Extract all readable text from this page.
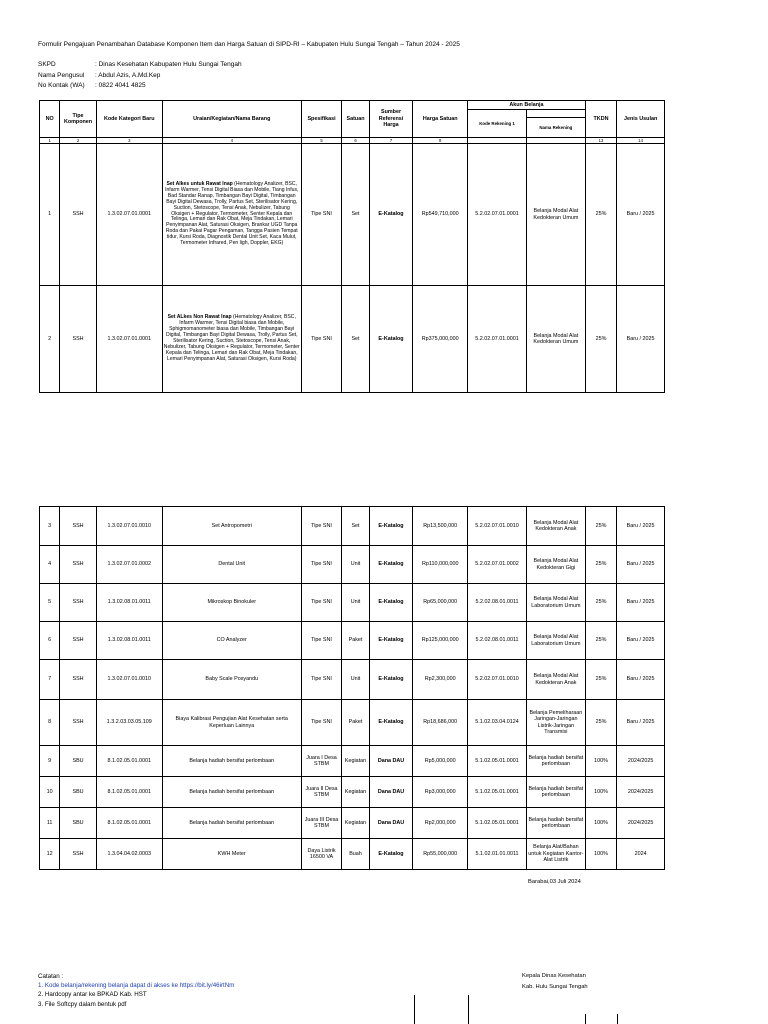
Formulir Pengajuan Penambahan Database Komponen Item dan Harga Satuan di SIPD-RI – Kabupaten Hulu Sungai Tengah – Tahun 2024 - 2025
SKPD	: Dinas Kesehatan Kabupaten Hulu Sungai Tengah
Nama Pengusul : Abdul Azis, A.Md.Kep
No Kontak (WA) : 0822 4041 4825
NO	Tipe Komponen	Kode Kategori Baru	Uraian/Kegiatan/Nama Barang	Spesifikasi	Satuan	Sumber Referensi Harga	Harga Satuan	Akun Belanja		TKDN	Jenis Usulan
								Kode Rekening 1			
									Nama Rekening		
1	2	3	4	5	6	7	8			13	14
1	SSH	1.3.02.07.01.0001	Set Alkes untuk Rawat Inap (Hematology Analizer, BSC, Infarm Warmer, Tensi Digital Biasa dan Mobile, Tiang Infus, Bad Standar Ranap, Timbangan Bayi Digital, Timbangan Bayi Digital Dewasa, Trolly, Partus Set, Sterilisator Kering, Suction, Stetoscope, Tensi Anak, Nebulizer, Tabung Oksigen + Regulator, Termometer, Senter Kepala dan Telinga, Lemari dan Rak Obat, Meja Tindakan, Lemari Penyimpanan Alat, Saturasi Oksigen, Brankar UGD Tanpa Roda dan Pakai Pagar Pengaman, Tangga Pasien Tempat tidur, Kursi Roda, Diagnostik Dental Unit Set, Kaca Mulut, Termometer Infrared, Pen ligh, Doppler, EKG)	Tipe SNI	Set	E-Katalog	Rp549,710,000	5.2.02.07.01.0001	Belanja Modal Alat Kedokteran Umum	25%	Baru / 2025
2	SSH	1.3.02.07.01.0001	Set ALkes Non Rawat Inap (Hematology Analizer, BSC, Infarm Warmer, Tensi Digital biasa dan Mobile, Sphigmomanometer biasa dan Mobile, Timbangan Bayi Digital, Timbangan Bayi Digital Dewasa, Trolly, Partus Set, Sterilisator Kering, Suction, Stetoscope, Tensi Anak, Nebulizer, Tabung Oksigen + Regulator, Termometer, Senter Kepala dan Telinga, Lemari dan Rak Obat, Meja Tindakan, Lemari Penyimpanan Alat, Saturasi Oksigen, Kursi Roda)	Tipe SNI	Set	E-Katalog	Rp375,000,000	5.2.02.07.01.0001	Belanja Modal Alat Kedokteran Umum	25%	Baru / 2025
3	SSH	1.3.02.07.01.0010	Set Antropometri	Tipe SNI	Set	E-Katalog	Rp13,500,000	5.2.02.07.01.0010	Belanja Modal Alat Kedokteran Anak	25%	Baru / 2025
4	SSH	1.3.02.07.01.0002	Dental Unit	Tipe SNI	Unit	E-Katalog	Rp110,000,000	5.2.02.07.01.0002	Belanja Modal Alat Kedokteran Gigi	25%	Baru / 2025
5	SSH	1.3.02.08.01.0011	Mikroskop Binokuler	Tipe SNI	Unit	E-Katalog	Rp65,000,000	5.2.02.08.01.0011	Belanja Modal Alat Laboratorium Umum	25%	Baru / 2025
6	SSH	1.3.02.08.01.0011	CO Analyzer	Tipe SNI	Paket	E-Katalog	Rp125,000,000	5.2.02.08.01.0011	Belanja Modal Alat Laboratorium Umum	25%	Baru / 2025
7	SSH	1.3.02.07.01.0010	Baby Scale Posyandu	Tipe SNI	Unit	E-Katalog	Rp2,300,000	5.2.02.07.01.0010	Belanja Modal Alat Kedokteran Anak	25%	Baru / 2025
8	SSH	1.3.2.03.03.05.109	Biaya Kalibrasi Pengujian Alat Kesehatan serta Keperluan Lainnya	Tipe SNI	Paket	E-Katalog	Rp18,686,000	5.1.02.03.04.0124	Belanja Pemeliharaan Jaringan-Jaringan Listrik-Jaringan Transmisi	25%	Baru / 2025
9	SBU	8.1.02.05.01.0001	Belanja hadiah bersifat perlombaan	Juara I Desa STBM	Kegiatan	Dana DAU	Rp5,000,000	5.1.02.05.01.0001	Belanja hadiah bersifat perlombaan	100%	2024/2025
10	SBU	8.1.02.05.01.0001	Belanja hadiah bersifat perlombaan	Juara II Desa STBM	Kegiatan	Dana DAU	Rp3,000,000	5.1.02.05.01.0001	Belanja hadiah bersifat perlombaan	100%	2024/2025
11	SBU	8.1.02.05.01.0001	Belanja hadiah bersifat perlombaan	Juara III Desa STBM	Kegiatan	Dana DAU	Rp2,000,000	5.1.02.05.01.0001	Belanja hadiah bersifat perlombaan	100%	2024/2025
12	SSH	1.3.04.04.02.0003	KWH Meter	Daya Listrik 16500 VA	Buah	E-Katalog	Rp55,000,000	5.1.02.01.01.0011	Belanja Alat/Bahan untuk Kegiatan Kantor-Alat Listrik	100%	2024
Barabai,03 Juli 2024
Catatan :
1. Kode belanja/rekening belanja dapat di akses ke https://bit.ly/46irtNm
2. Hardcopy antar ke BPKAD Kab. HST
3. File Softcpy dalam bentuk pdf
Kepala Dinas Kesehatan
Kab. Hulu Sungai Tengah
